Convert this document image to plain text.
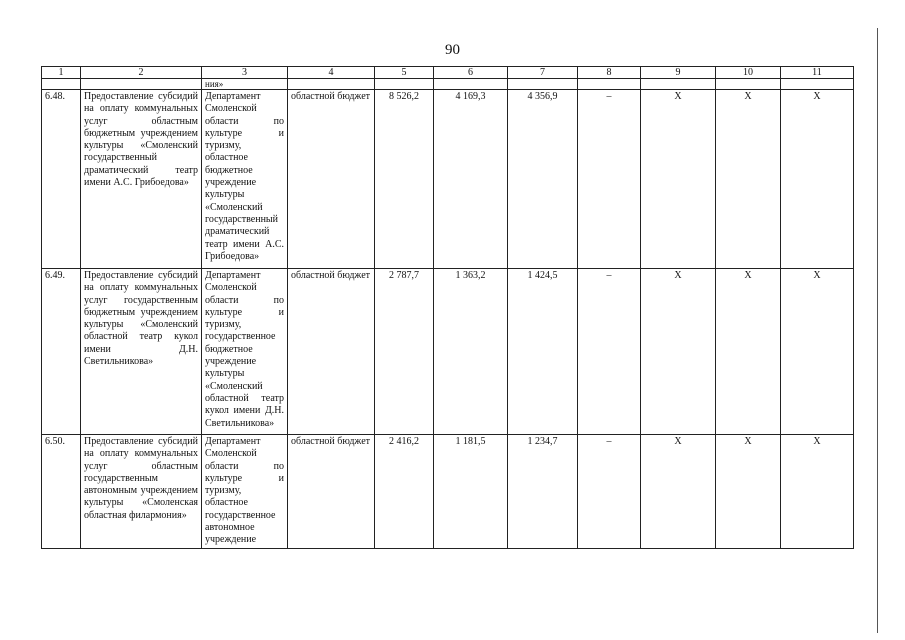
90
1	2	3	4	5	6	7	8	9	10	11
		ния»								
6.48.	Предоставление субсидий на оплату коммунальных услуг областным бюджетным учреждением культуры «Смоленский государственный драматический театр имени А.С. Грибоедова»	Департамент Смоленской области по культуре и туризму, областное бюджетное учреждение культуры «Смоленский государственный драматический театр имени А.С. Грибоедова»	областной бюджет	8 526,2	4 169,3	4 356,9	–	Х	Х	Х
6.49.	Предоставление субсидий на оплату коммунальных услуг государственным бюджетным учреждением культуры «Смоленский областной театр кукол имени Д.Н. Светильникова»	Департамент Смоленской области по культуре и туризму, государственное бюджетное учреждение культуры «Смоленский областной театр кукол имени Д.Н. Светильникова»	областной бюджет	2 787,7	1 363,2	1 424,5	–	Х	Х	Х
6.50.	Предоставление субсидий на оплату коммунальных услуг областным государственным автономным учреждением культуры «Смоленская областная филармония»	Департамент Смоленской области по культуре и туризму, областное государственное автономное учреждение	областной бюджет	2 416,2	1 181,5	1 234,7	–	Х	Х	Х
